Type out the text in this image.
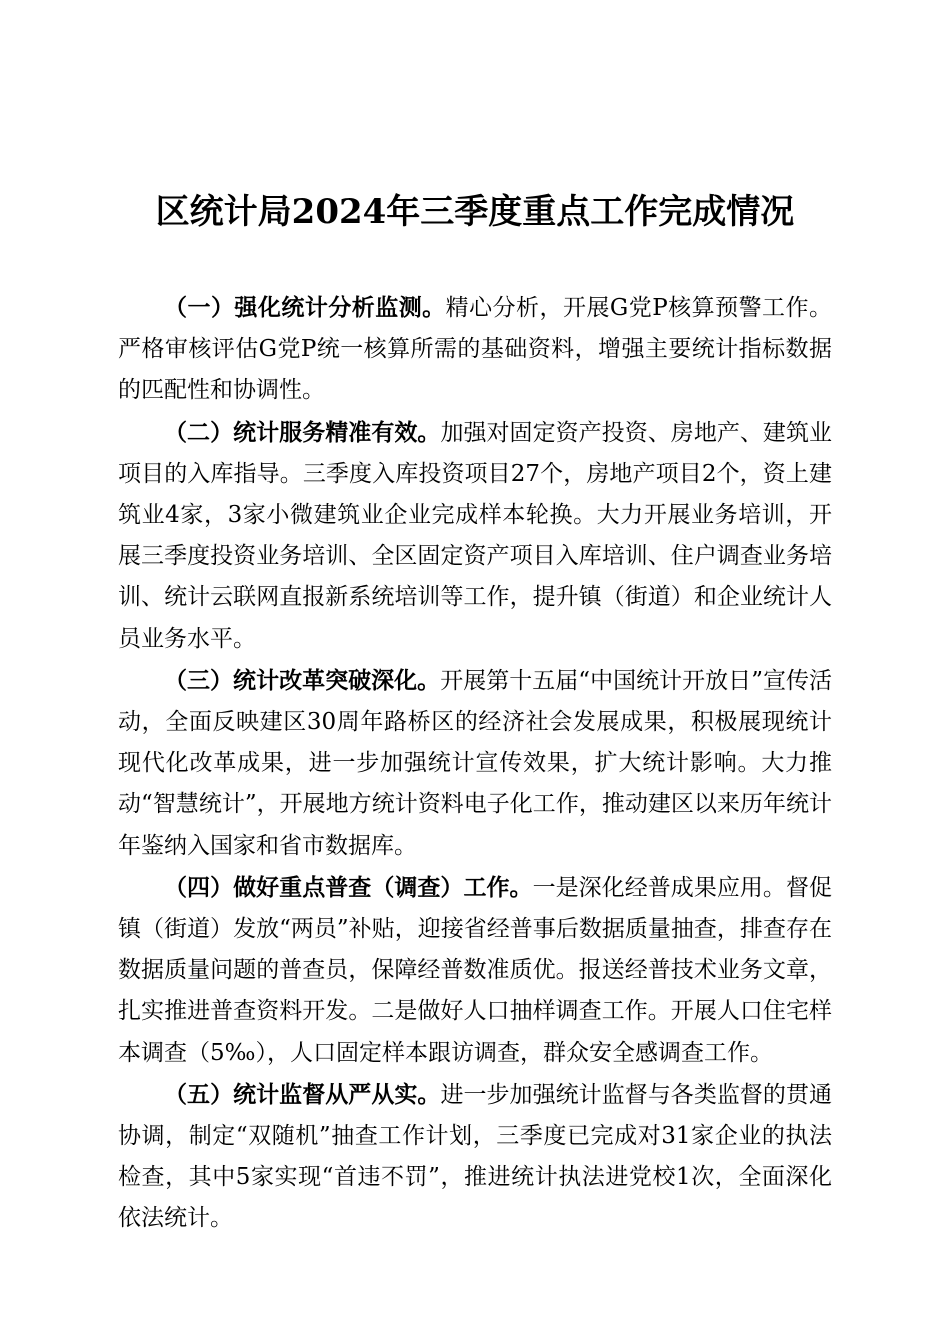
区统计局2024年三季度重点工作完成情况

（一）强化统计分析监测。精心分析，开展G党P核算预警工作。严格审核评估G党P统一核算所需的基础资料，增强主要统计指标数据的匹配性和协调性。

（二）统计服务精准有效。加强对固定资产投资、房地产、建筑业项目的入库指导。三季度入库投资项目27个，房地产项目2个，资上建筑业4家，3家小微建筑业企业完成样本轮换。大力开展业务培训，开展三季度投资业务培训、全区固定资产项目入库培训、住户调查业务培训、统计云联网直报新系统培训等工作，提升镇（街道）和企业统计人员业务水平。

（三）统计改革突破深化。开展第十五届“中国统计开放日”宣传活动，全面反映建区30周年路桥区的经济社会发展成果，积极展现统计现代化改革成果，进一步加强统计宣传效果，扩大统计影响。大力推动“智慧统计”，开展地方统计资料电子化工作，推动建区以来历年统计年鉴纳入国家和省市数据库。

（四）做好重点普查（调查）工作。一是深化经普成果应用。督促镇（街道）发放“两员”补贴，迎接省经普事后数据质量抽查，排查存在数据质量问题的普查员，保障经普数准质优。报送经普技术业务文章，扎实推进普查资料开发。二是做好人口抽样调查工作。开展人口住宅样本调查（5‰），人口固定样本跟访调查，群众安全感调查工作。

（五）统计监督从严从实。进一步加强统计监督与各类监督的贯通协调，制定“双随机”抽查工作计划，三季度已完成对31家企业的执法检查，其中5家实现“首违不罚”，推进统计执法进党校1次，全面深化依法统计。
